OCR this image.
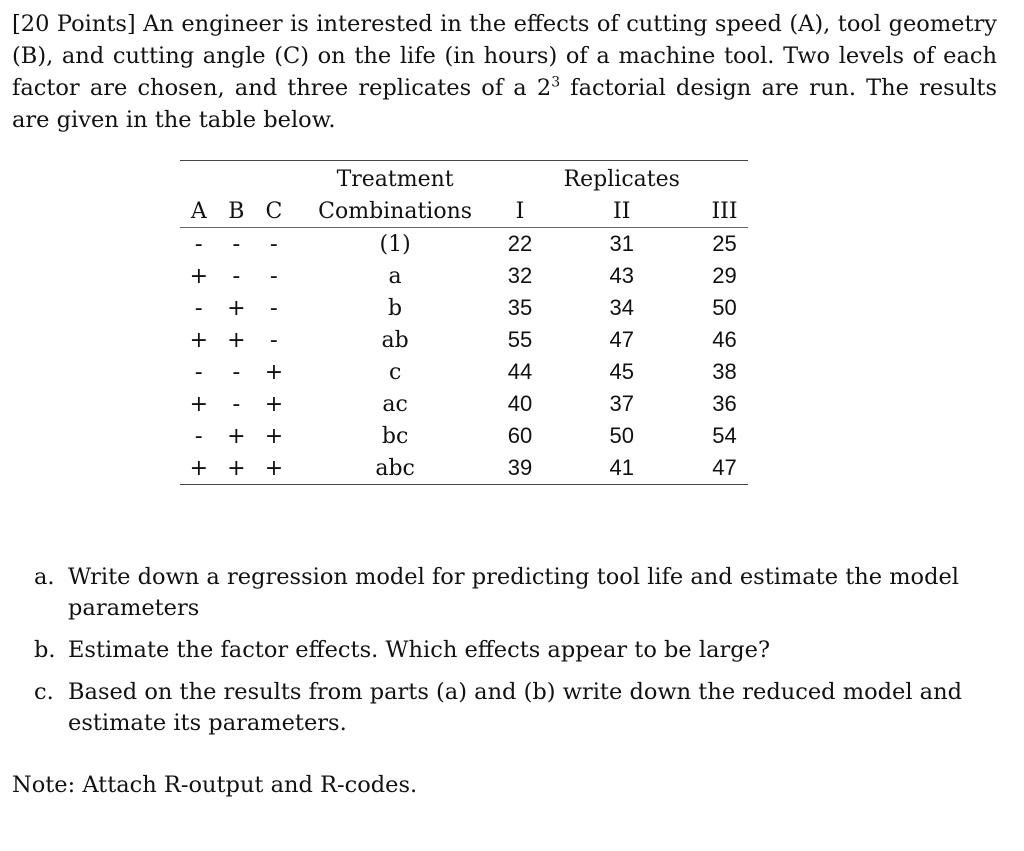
[20 Points] An engineer is interested in the effects of cutting speed (A), tool geometry (B), and cutting angle (C) on the life (in hours) of a machine tool. Two levels of each factor are chosen, and three replicates of a $2^3$ factorial design are run. The results are given in the table below.

			Treatment		Replicates	
A	B	C	Combinations	I	II	III
-	-	-	(1)	22	31	25
+	-	-	a	32	43	29
-	+	-	b	35	34	50
+	+	-	ab	55	47	46
-	-	+	c	44	45	38
+	-	+	ac	40	37	36
-	+	+	bc	60	50	54
+	+	+	abc	39	41	47
a. Write down a regression model for predicting tool life and estimate the model parameters
b. Estimate the factor effects. Which effects appear to be large?
c. Based on the results from parts (a) and (b) write down the reduced model and estimate its parameters.

Note: Attach R-output and R-codes.
